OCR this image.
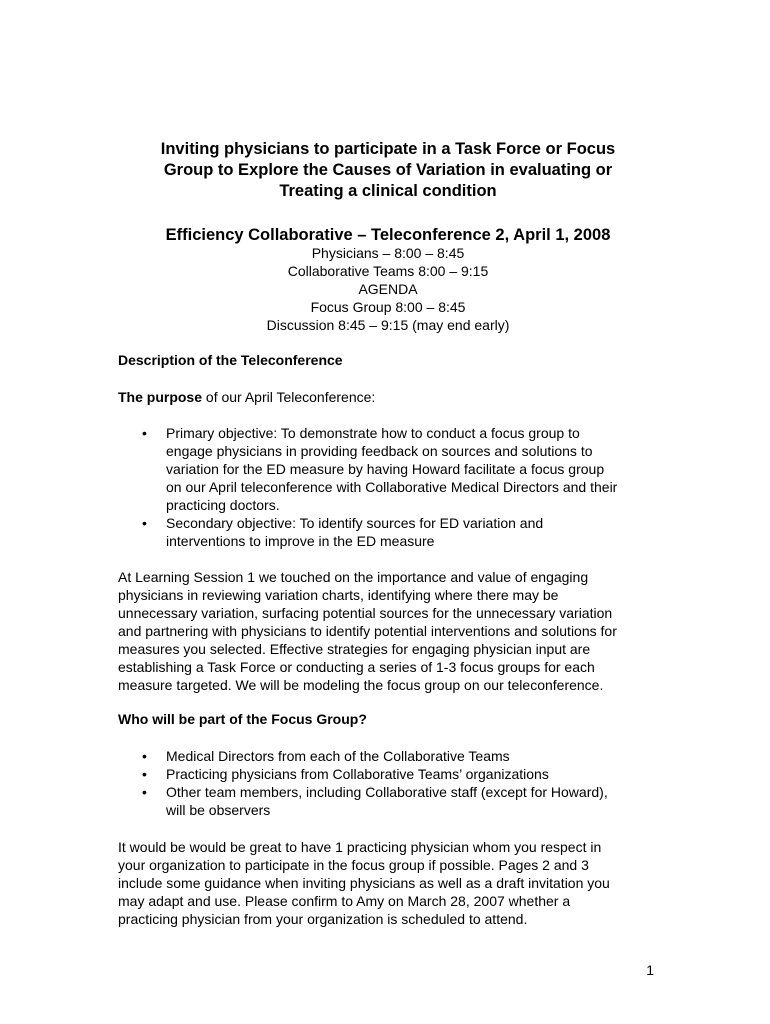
Inviting physicians to participate in a Task Force or Focus
Group to Explore the Causes of Variation in evaluating or
Treating a clinical condition
Efficiency Collaborative – Teleconference 2, April 1, 2008
Physicians – 8:00 – 8:45
Collaborative Teams 8:00 – 9:15
AGENDA
Focus Group 8:00 – 8:45
Discussion 8:45 – 9:15 (may end early)
Description of the Teleconference
The purpose of our April Teleconference:
• Primary objective: To demonstrate how to conduct a focus group to
engage physicians in providing feedback on sources and solutions to
variation for the ED measure by having Howard facilitate a focus group
on our April teleconference with Collaborative Medical Directors and their
practicing doctors.
• Secondary objective: To identify sources for ED variation and
interventions to improve in the ED measure
At Learning Session 1 we touched on the importance and value of engaging
physicians in reviewing variation charts, identifying where there may be
unnecessary variation, surfacing potential sources for the unnecessary variation
and partnering with physicians to identify potential interventions and solutions for
measures you selected. Effective strategies for engaging physician input are
establishing a Task Force or conducting a series of 1-3 focus groups for each
measure targeted. We will be modeling the focus group on our teleconference.
Who will be part of the Focus Group?
• Medical Directors from each of the Collaborative Teams
• Practicing physicians from Collaborative Teams’ organizations
• Other team members, including Collaborative staff (except for Howard),
will be observers
It would be would be great to have 1 practicing physician whom you respect in
your organization to participate in the focus group if possible. Pages 2 and 3
include some guidance when inviting physicians as well as a draft invitation you
may adapt and use. Please confirm to Amy on March 28, 2007 whether a
practicing physician from your organization is scheduled to attend.
1
